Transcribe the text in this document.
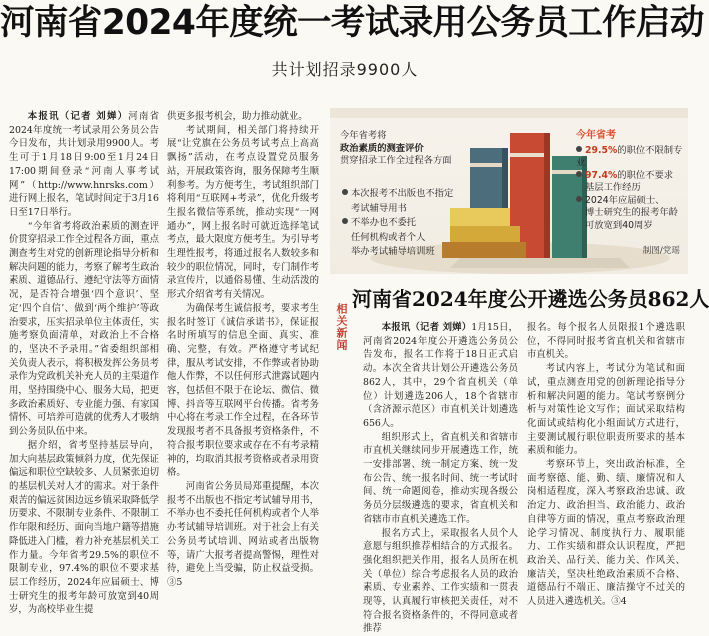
河南省2024年度统一考试录用公务员工作启动
共计划招录9900人

本报讯（记者 刘婵）河南省2024年度统一考试录用公务员公告今日发布，共计划录用9900人。考生可于1月18日9:00至1月24日17:00期间登录“河南人事考试网”（http://www.hnrsks.com）进行网上报名，笔试时间定于3月16日至17日举行。

“今年省考将政治素质的测查评价贯穿招录工作全过程各方面，重点测查考生对党的创新理论指导分析和解决问题的能力，考察了解考生政治素质、道德品行、遵纪守法等方面情况，是否符合增强‘四个意识’、坚定‘四个自信’、做到‘两个维护’等政治要求，压实招录单位主体责任，实施考察负面清单，对政治上不合格的，坚决不予录用。”省委组织部相关负责人表示，将积极发挥公务员考录作为党政机关补充人员的主渠道作用，坚持围绕中心、服务大局，把更多政治素质好、专业能力强、有家国情怀、可培养可造就的优秀人才吸纳到公务员队伍中来。

据介绍，省考坚持基层导向，加大向基层政策倾斜力度，优先保证偏远和职位空缺较多、人员紧张迫切的基层机关对人才的需求。对于条件艰苦的偏远贫困边远乡镇采取降低学历要求、不限制专业条件、不限制工作年限和经历、面向当地户籍等措施降低进入门槛，着力补充基层机关工作力量。今年省考29.5%的职位不限制专业，97.4%的职位不要求基层工作经历，2024年应届硕士、博士研究生的报考年龄可放宽到40周岁，为高校毕业生提

供更多报考机会，助力推动就业。

考试期间，相关部门将持续开展“让党旗在公务员考试考点上高高飘扬”活动，在考点设置党员服务站，开展政策咨询，服务保障考生顺利参考。为方便考生，考试组织部门将利用“互联网+考录”，优化升级考生报名微信等系统，推动实现“一网通办”，网上报名时可就近选择笔试考点，最大限度方便考生。为引导考生理性报考，将通过报名人数较多和较少的职位情况，同时，专门制作考录宣传片，以通俗易懂、生动活泼的形式介绍省考有关情况。

为确保考生诚信报考，要求考生报名时签订《诚信承诺书》，保证报名时所填写的信息全面、真实、准确、完整，有效。严格遵守考试纪律，服从考试安排，不作弊或者协助他人作弊，不以任何形式泄露试题内容，包括但不限于在论坛、微信、微博、抖音等互联网平台传播。省考务中心将在考录工作全过程，在各环节发现报考者不具备报考资格条件，不符合报考职位要求或存在不有考录精神的，均取消其报考资格或者录用资格。

河南省公务员局郑重提醒，本次报考不出版也不指定考试辅导用书，不举办也不委托任何机构或者个人举办考试辅导培训班。对于社会上有关公务员考试培训、网站或者出版物等，请广大报考者提高警惕，理性对待，避免上当受骗，防止权益受损。③5

今年省考将
政治素质的测查评价
贯穿招录工作全过程各方面
本次报考不出版也不指定
考试辅导用书
不举办也不委托
任何机构或者个人
举办考试辅导培训班
今年省考
29.5%的职位不限制专业
97.4%的职位不要求
基层工作经历
2024年应届硕士、
博士研究生的报考年龄
可放宽到40周岁
制图/党瑶
相关新闻
河南省2024年度公开遴选公务员862人

本报讯（记者 刘婵）1月15日，河南省2024年度公开遴选公务员公告发布，报名工作将于18日正式启动。本次全省共计划公开遴选公务员862人，其中，29个省直机关（单位）计划遴选206人，18个省辖市（含济源示范区）市直机关计划遴选656人。

组织形式上，省直机关和省辖市市直机关继续同步开展遴选工作，统一安排部署、统一制定方案、统一发布公告、统一报名时间、统一考试时间、统一命题阅卷，推动实现各级公务员分层级遴选的要求，省直机关和省辖市市直机关遴选工作。

报名方式上，采取报名人员个人意愿与组织推荐相结合的方式报名。强化组织把关作用，报名人员所在机关（单位）综合考虑报名人员的政治素质、专业素养、工作实绩和一贯表现等，认真履行审核把关责任，对不符合报名资格条件的，不得同意或者推荐

报名。每个报名人员限报1个遴选职位，不得同时报考省直机关和省辖市市直机关。

考试内容上，考试分为笔试和面试，重点测查用党的创新理论指导分析和解决问题的能力。笔试考察例分析与对策性论文写作；面试采取结构化面试或结构化小组面试方式进行，主要测试履行职位职责所要求的基本素质和能力。

考察环节上，突出政治标准，全面考察德、能、勤、绩、廉情况和人岗相适程度，深入考察政治忠诚、政治定力、政治担当、政治能力、政治自律等方面的情况，重点考察政治理论学习情况、制度执行力、履职能力、工作实绩和群众认识程度，严把政治关、品行关、能力关、作风关、廉洁关，坚决杜绝政治素质不合格、道德品行不端正、廉洁操守不过关的人员进入遴选机关。③4
